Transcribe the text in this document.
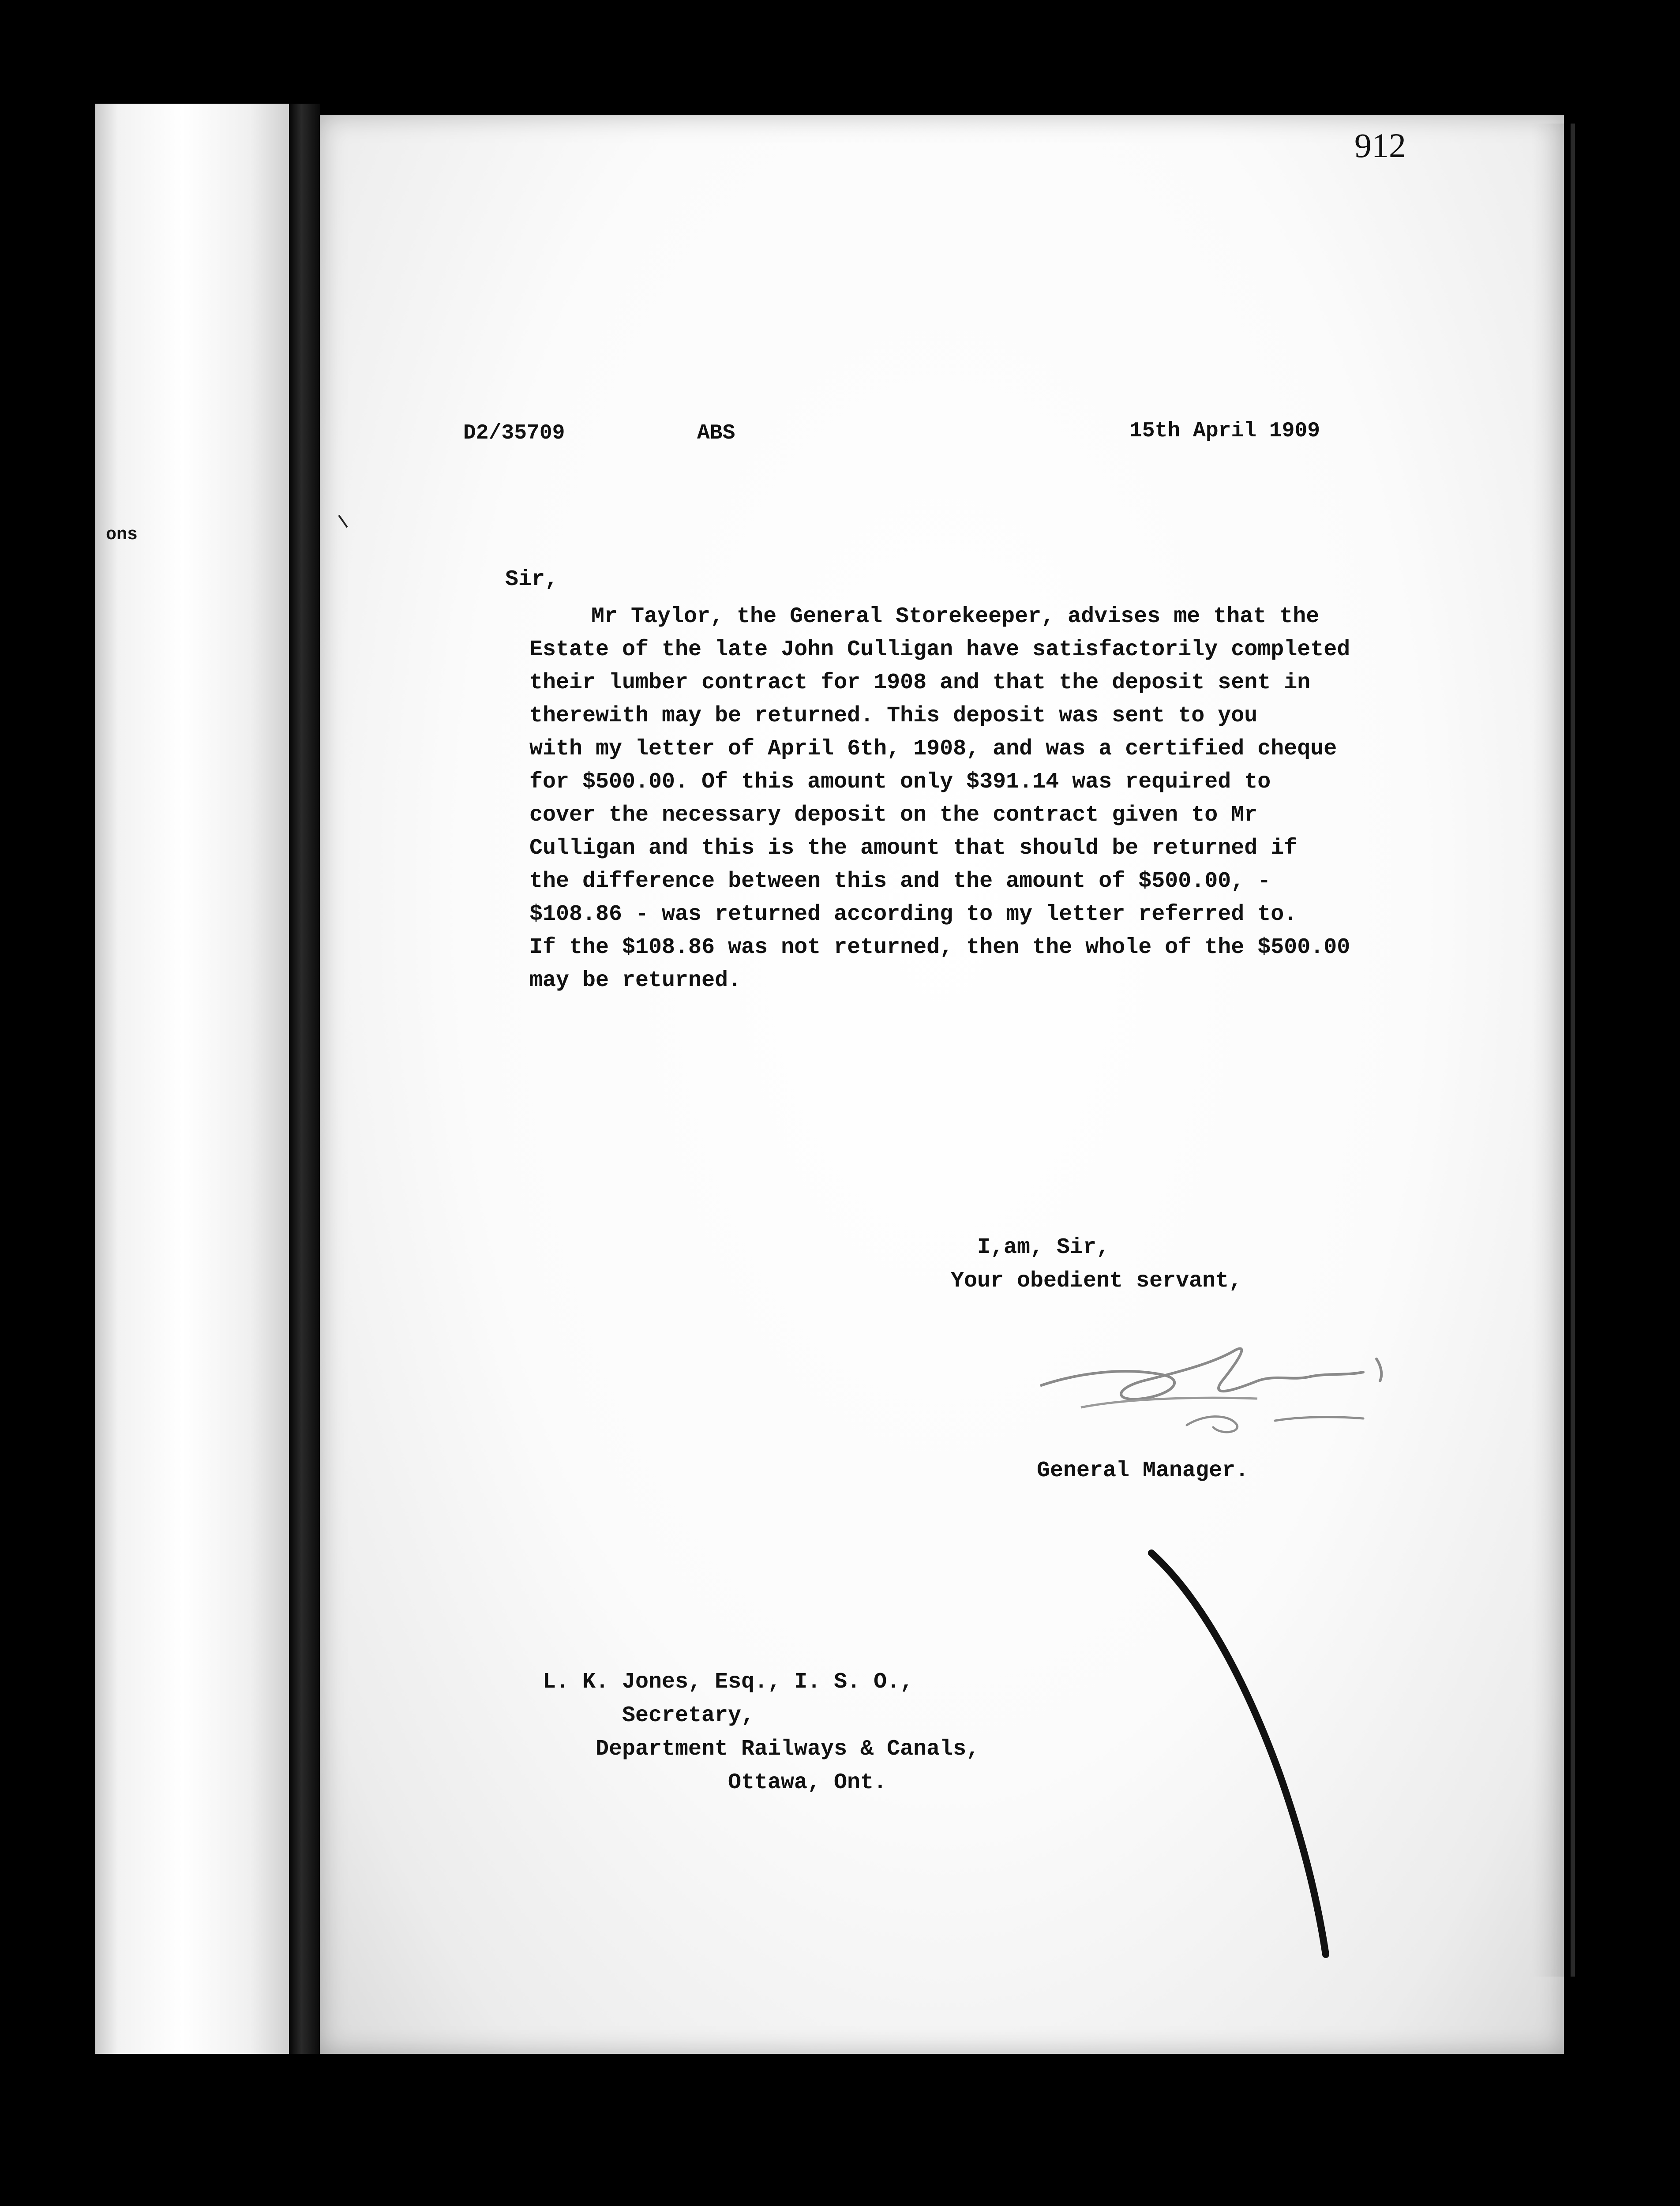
ons
912
D2/35709	ABS	15th April 1909
Sir,
Mr Taylor, the General Storekeeper, advises me that the
Estate of the late John Culligan have satisfactorily completed
their lumber contract for 1908 and that the deposit sent in
therewith may be returned. This deposit was sent to you
with my letter of April 6th, 1908, and was a certified cheque
for $500.00. Of this amount only $391.14 was required to
cover the necessary deposit on the contract given to Mr
Culligan and this is the amount that should be returned if
the difference between this and the amount of $500.00, -
$108.86 - was returned according to my letter referred to.
If the $108.86 was not returned, then the whole of the $500.00
may be returned.
I,am, Sir,
Your obedient servant,
General Manager.
L. K. Jones, Esq., I. S. O.,
Secretary,
Department Railways & Canals,
Ottawa, Ont.
